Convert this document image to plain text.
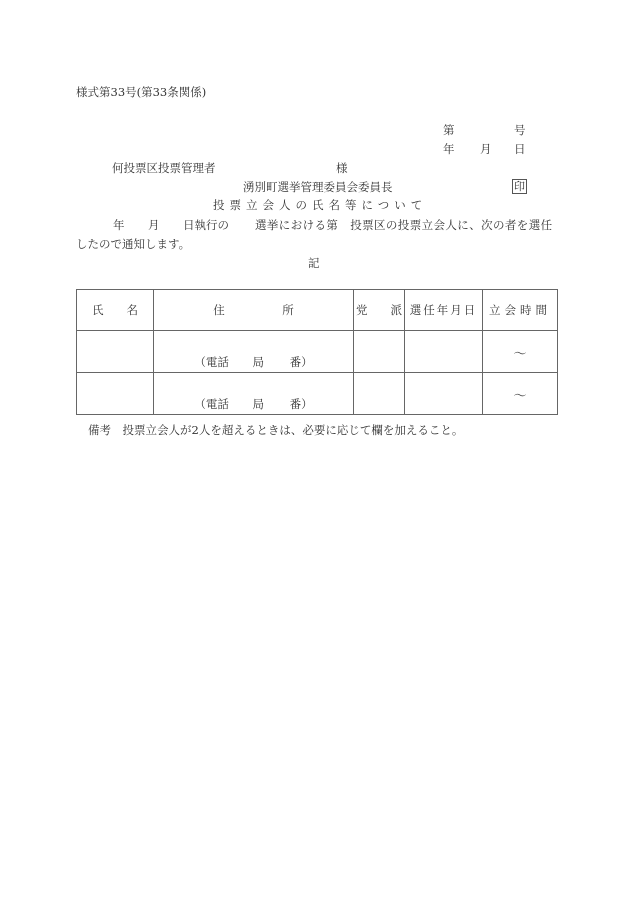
様式第33号(第33条関係)
第	号
年 月 日
何投票区投票管理者	様
湧別町選挙管理委員会委員長	印
投票立会人の氏名等について
年 月 日執行の 選挙における第　投票区の投票立会人に、次の者を選任
したので通知します。
記
氏　　名	住　　　　　所	党　　派	選任年月日	立会時間

	（電話 局 番）			～

	（電話 局 番）			～
備考　投票立会人が2人を超えるときは、必要に応じて欄を加えること。
